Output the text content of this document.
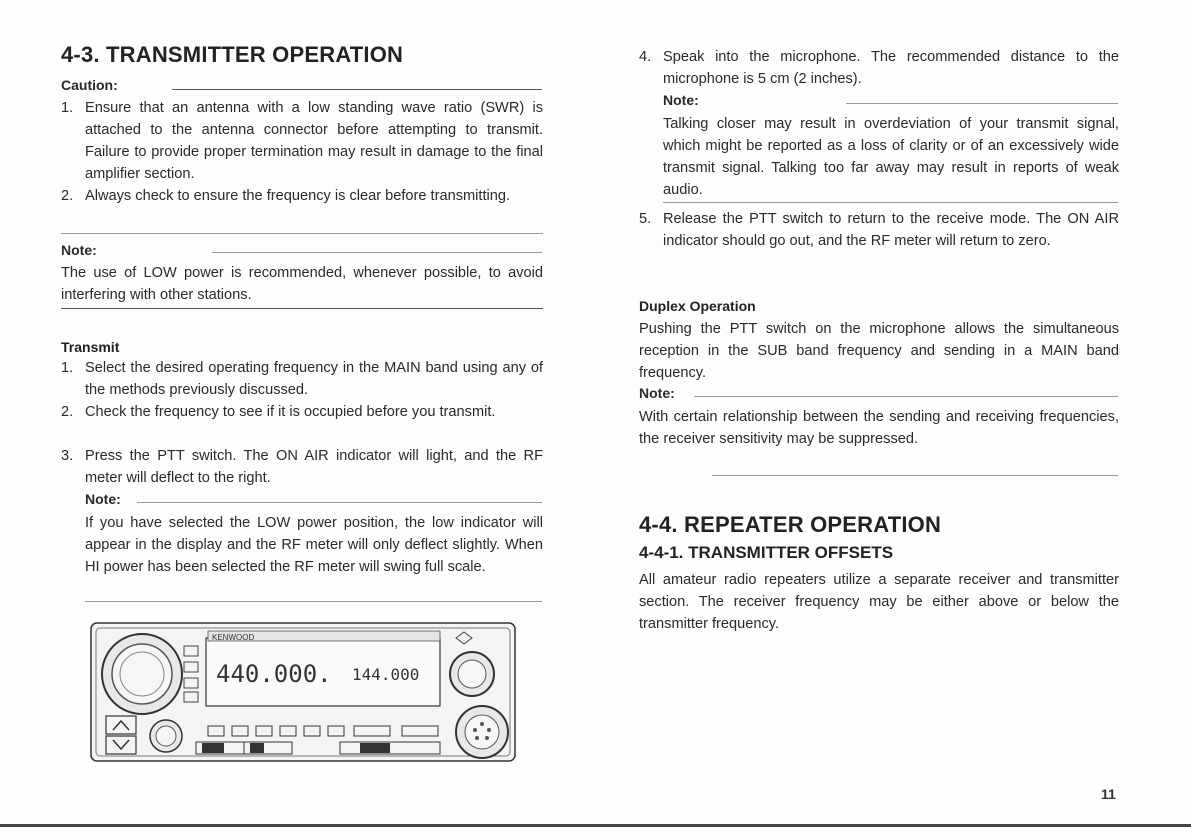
4-3. TRANSMITTER OPERATION
Caution:
1. Ensure that an antenna with a low standing wave ratio (SWR) is attached to the antenna connector before attempting to transmit. Failure to provide proper termination may result in damage to the final amplifier section.
2. Always check to ensure the frequency is clear before transmitting.
Note:
The use of LOW power is recommended, whenever possible, to avoid interfering with other stations.
Transmit
1. Select the desired operating frequency in the MAIN band using any of the methods previously discussed.
2. Check the frequency to see if it is occupied before you transmit.
3. Press the PTT switch. The ON AIR indicator will light, and the RF meter will deflect to the right.
Note:
If you have selected the LOW power position, the low indicator will appear in the display and the RF meter will only deflect slightly. When HI power has been selected the RF meter will swing full scale.
KENWOOD
440.000. 144.000
4. Speak into the microphone. The recommended distance to the microphone is 5 cm (2 inches).
Note:
Talking closer may result in overdeviation of your transmit signal, which might be reported as a loss of clarity or of an excessively wide transmit signal. Talking too far away may result in reports of weak audio.
5. Release the PTT switch to return to the receive mode. The ON AIR indicator should go out, and the RF meter will return to zero.
Duplex Operation
Pushing the PTT switch on the microphone allows the simultaneous reception in the SUB band frequency and sending in a MAIN band frequency.
Note:
With certain relationship between the sending and receiving frequencies, the receiver sensitivity may be suppressed.
4-4. REPEATER OPERATION
4-4-1. TRANSMITTER OFFSETS
All amateur radio repeaters utilize a separate receiver and transmitter section. The receiver frequency may be either above or below the transmitter frequency.
11
